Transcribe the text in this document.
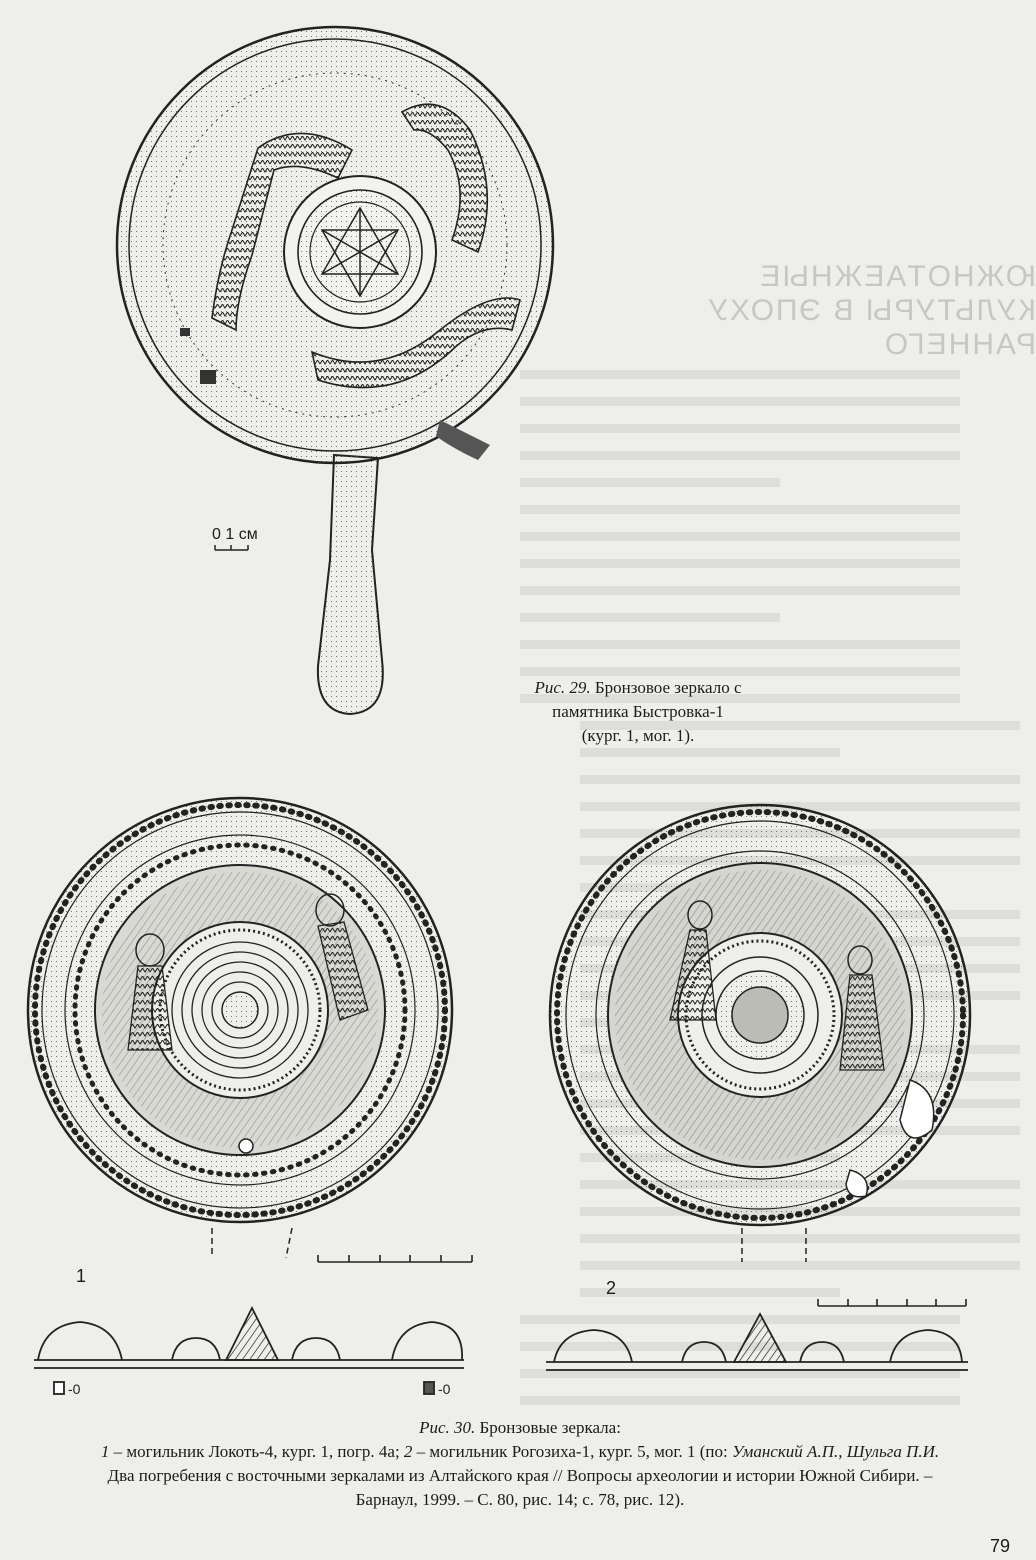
ЮЖНОТАЕЖНЫЕ КУЛЬТУРЫ В ЭПОХУ РАННЕГО
-0	-0
0 1 см
Рис. 29. Бронзовое зеркало с памятника Быстровка-1
(кург. 1, мог. 1).
1
2
Рис. 30. Бронзовые зеркала:
1 – могильник Локоть-4, кург. 1, погр. 4а; 2 – могильник Рогозиха-1, кург. 5, мог. 1 (по: Уманский А.П., Шульга П.И.
Два погребения с восточными зеркалами из Алтайского края // Вопросы археологии и истории Южной Сибири. –
Барнаул, 1999. – С. 80, рис. 14; с. 78, рис. 12).
79
